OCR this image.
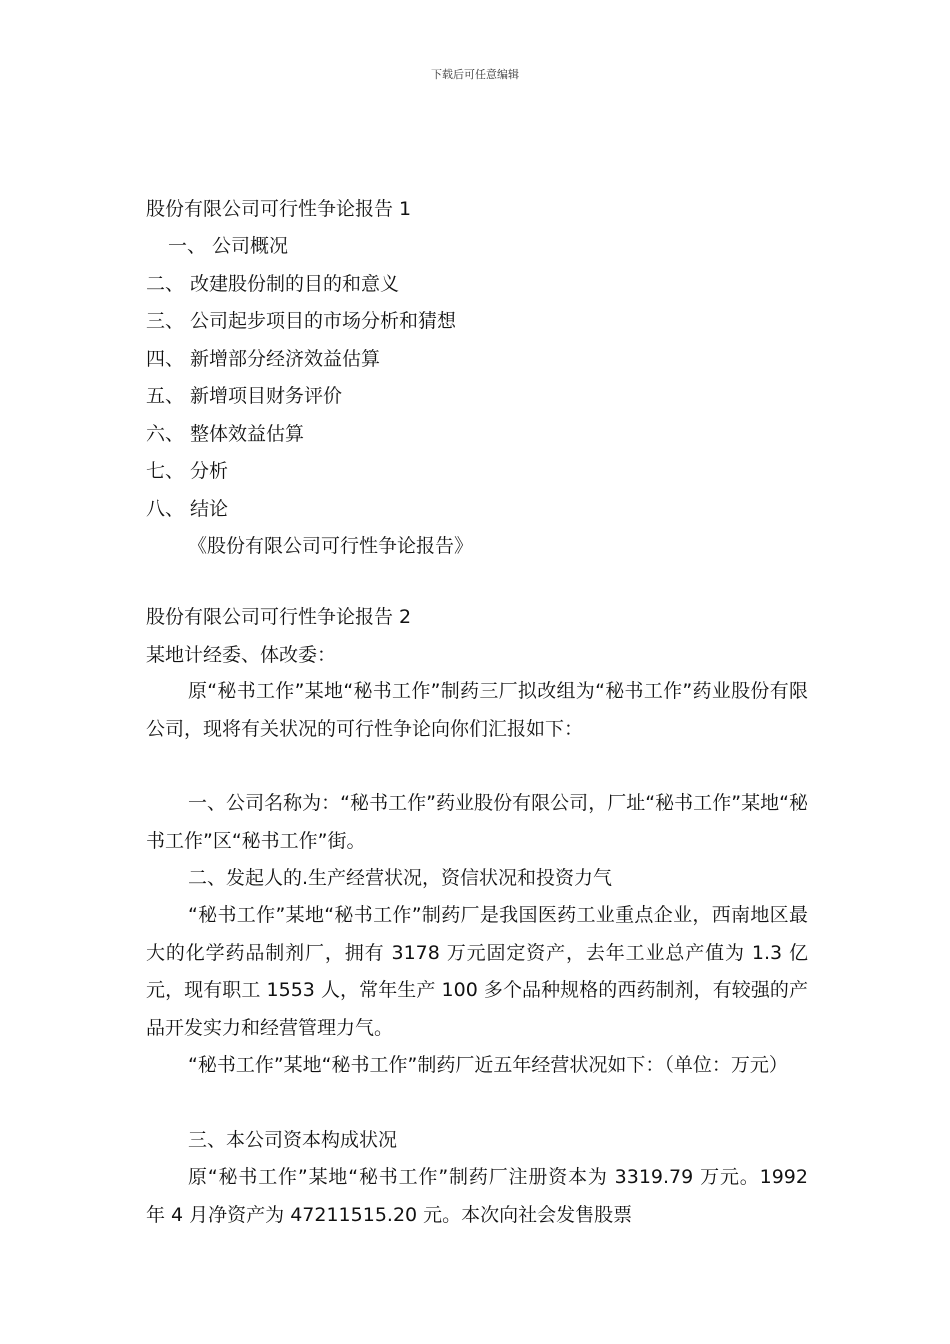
下载后可任意编辑
股份有限公司可行性争论报告 1
一、 公司概况
二、 改建股份制的目的和意义
三、 公司起步项目的市场分析和猜想
四、 新增部分经济效益估算
五、 新增项目财务评价
六、 整体效益估算
七、 分析
八、 结论
《股份有限公司可行性争论报告》
股份有限公司可行性争论报告 2
某地计经委、体改委：
原“秘书工作”某地“秘书工作”制药三厂拟改组为“秘书工作”药业股份有限公司，现将有关状况的可行性争论向你们汇报如下：
一、公司名称为：“秘书工作”药业股份有限公司，厂址“秘书工作”某地“秘书工作”区“秘书工作”街。
二、发起人的.生产经营状况，资信状况和投资力气
“秘书工作”某地“秘书工作”制药厂是我国医药工业重点企业，西南地区最大的化学药品制剂厂，拥有 3178 万元固定资产，去年工业总产值为 1.3 亿元，现有职工 1553 人，常年生产 100 多个品种规格的西药制剂，有较强的产品开发实力和经营管理力气。
“秘书工作”某地“秘书工作”制药厂近五年经营状况如下：（单位：万元）
三、本公司资本构成状况
原“秘书工作”某地“秘书工作”制药厂注册资本为 3319.79 万元。1992 年 4 月净资产为 47211515.20 元。本次向社会发售股票
